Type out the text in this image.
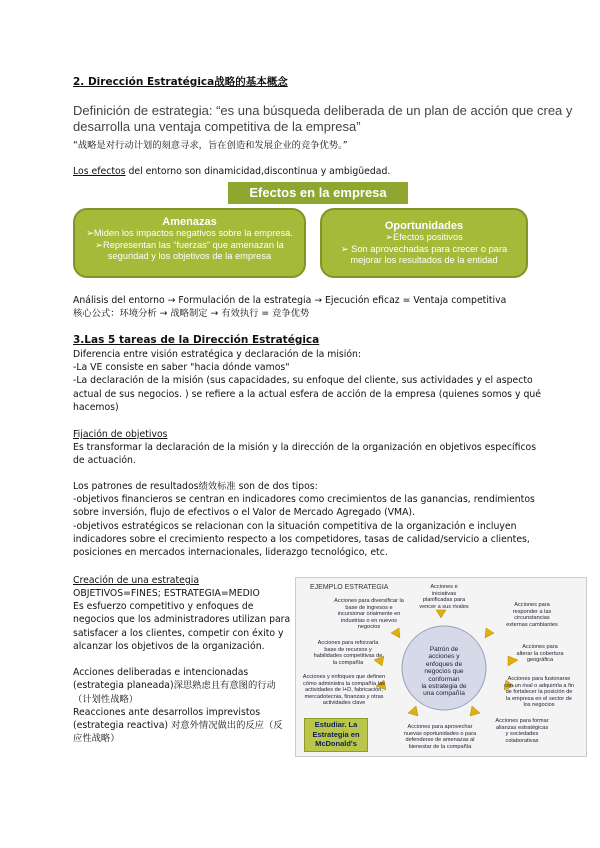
2. Dirección Estratégica战略的基本概念
Definición de estrategia: “es una búsqueda deliberada de un plan de acción que crea y
desarrolla una ventaja competitiva de la empresa”
“战略是对行动计划的刻意寻求，旨在创造和发展企业的竞争优势。”
Los efectos del entorno son dinamicidad,discontinua y ambigüedad.
Efectos en la empresa
Amenazas
➢Miden los impactos negativos sobre la empresa.
➢Representan las “fuerzas” que amenazan la
seguridad y los objetivos de la empresa
Oportunidades
➢Efectos positivos
➢ Son aprovechadas para crecer o para
mejorar los resultados de la entidad
Análisis del entorno → Formulación de la estrategia → Ejecución eficaz = Ventaja competitiva
核心公式：环境分析 → 战略制定 → 有效执行 = 竞争优势
3.Las 5 tareas de la Dirección Estratégica
Diferencia entre visión estratégica y declaración de la misión:
-La VE consiste en saber "hacia dónde vamos"
-La declaración de la misión (sus capacidades, su enfoque del cliente, sus actividades y el aspecto
actual de sus negocios. ) se refiere a la actual esfera de acción de la empresa (quienes somos y qué
hacemos)
Fijación de objetivos
Es transformar la declaración de la misión y la dirección de la organización en objetivos específicos
de actuación.
Los patrones de resultados绩效标准 son de dos tipos:
-objetivos financieros se centran en indicadores como crecimientos de las ganancias, rendimientos
sobre inversión, flujo de efectivos o el Valor de Mercado Agregado (VMA).
-objetivos estratégicos se relacionan con la situación competitiva de la organización e incluyen
indicadores sobre el crecimiento respecto a los competidores, tasas de calidad/servicio a clientes,
posiciones en mercados internacionales, liderazgo tecnológico, etc.
Creación de una estrategia
OBJETIVOS=FINES; ESTRATEGIA=MEDIO
Es esfuerzo competitivo y enfoques de
negocios que los administradores utilizan para
satisfacer a los clientes, competir con éxito y
alcanzar los objetivos de la organización.

Acciones deliberadas e intencionadas
(estrategia planeada)深思熟虑且有意图的行动
（计划性战略）
Reacciones ante desarrollos imprevistos
(estrategia reactiva) 对意外情况做出的反应（反
应性战略）
EJEMPLO ESTRATEGIA
Patrón de
acciones y
enfoques de
negocios que
conforman
la estrategia de
una compañía
Acciones para diversificar la
base de ingresos e
incursionar oriaimente en
industrias o en nuevos
negocios
Acciones e
iniciativas
planificadas para
vencer a sus rivales	Acciones para
responder a las
circunstancias
externas cambiantes
Acciones para reforzarla
base de recursos y
habilidades competitivas de
la compañía
Acciones para
alterar la cobertura
geográfica
Acciones y enfoques que definen
cómo administra la compañía las
actividades de I+D, fabricación,
mercadotecnia, finanzas y otras
actividades clave
Acciones para fusionarse
con un rival o adquirirla a fin
de fortalecer la posición de
la empresa en el sector de
los negocios
Acciones para aprovechar
nuevas oportunidades o para
defenderse de amenazas al
bienestar de la compañía
Acciones para formar
alianzas estratégicas
y sociedades
colaborativas
Estudiar. La
Estrategia en
McDonald's
